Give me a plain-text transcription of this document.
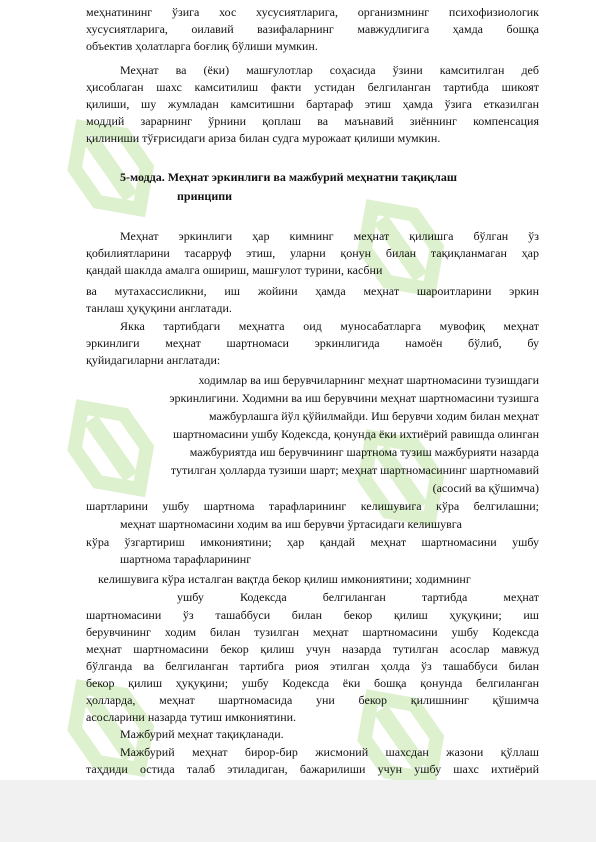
меҳнатининг ўзига хос хусусиятларига, организмнинг психофизиологик
хусусиятларига, оилавий вазифаларнинг мавжудлигига ҳамда бошқа
объектив ҳолатларга боғлиқ бўлиши мумкин.
Меҳнат ва (ёки) машғулотлар соҳасида ўзини камситилган деб
ҳисоблаган шахс камситилиш факти устидан белгиланган тартибда шикоят
қилиши, шу жумладан камситишни бартараф этиш ҳамда ўзига етказилган
моддий зарарнинг ўрнини қоплаш ва маънавий зиённинг компенсация
қилиниши тўғрисидаги ариза билан судга мурожаат қилиши мумкин.
5-модда. Меҳнат эркинлиги ва мажбурий меҳнатни тақиқлаш
принципи
Меҳнат эркинлиги ҳар кимнинг меҳнат қилишга бўлган ўз
қобилиятларини тасарруф этиш, уларни қонун билан тақиқланмаган ҳар
қандай шаклда амалга ошириш, машғулот турини, касбни
ва мутахассисликни, иш жойини ҳамда меҳнат шароитларини эркин
танлаш ҳуқуқини англатади.
Якка тартибдаги меҳнатга оид муносабатларга мувофиқ меҳнат
эркинлиги меҳнат шартномаси эркинлигида намоён бўлиб, бу
қуйидагиларни англатади:
ходимлар ва иш берувчиларнинг меҳнат шартномасини тузишдаги
эркинлигини. Ходимни ва иш берувчини меҳнат шартномасини тузишга
мажбурлашга йўл қўйилмайди. Иш берувчи ходим билан меҳнат
шартномасини ушбу Кодексда, қонунда ёки ихтиёрий равишда олинган
мажбуриятда иш берувчининг шартнома тузиш мажбурияти назарда
тутилган ҳолларда тузиши шарт; меҳнат шартномасининг шартномавий
(асосий ва қўшимча)
шартларини ушбу шартнома тарафларининг келишувига кўра белгилашни;
меҳнат шартномасини ходим ва иш берувчи ўртасидаги келишувга
кўра ўзгартириш имкониятини; ҳар қандай меҳнат шартномасини ушбу
шартнома тарафларининг
келишувига кўра исталган вақтда бекор қилиш имкониятини; ходимнинг
ушбу Кодексда белгиланган тартибда меҳнат
шартномасини ўз ташаббуси билан бекор қилиш ҳуқуқини; иш
берувчининг ходим билан тузилган меҳнат шартномасини ушбу Кодексда
меҳнат шартномасини бекор қилиш учун назарда тутилган асослар мавжуд
бўлганда ва белгиланган тартибга риоя этилган ҳолда ўз ташаббуси билан
бекор қилиш ҳуқуқини; ушбу Кодексда ёки бошқа қонунда белгиланган
ҳолларда, меҳнат шартномасида уни бекор қилишнинг қўшимча
асосларини назарда тутиш имкониятини.
Мажбурий меҳнат тақиқланади.
Мажбурий меҳнат бирор-бир жисмоний шахсдан жазони қўллаш
таҳдиди остида талаб этиладиган, бажарилиши учун ушбу шахс ихтиёрий
